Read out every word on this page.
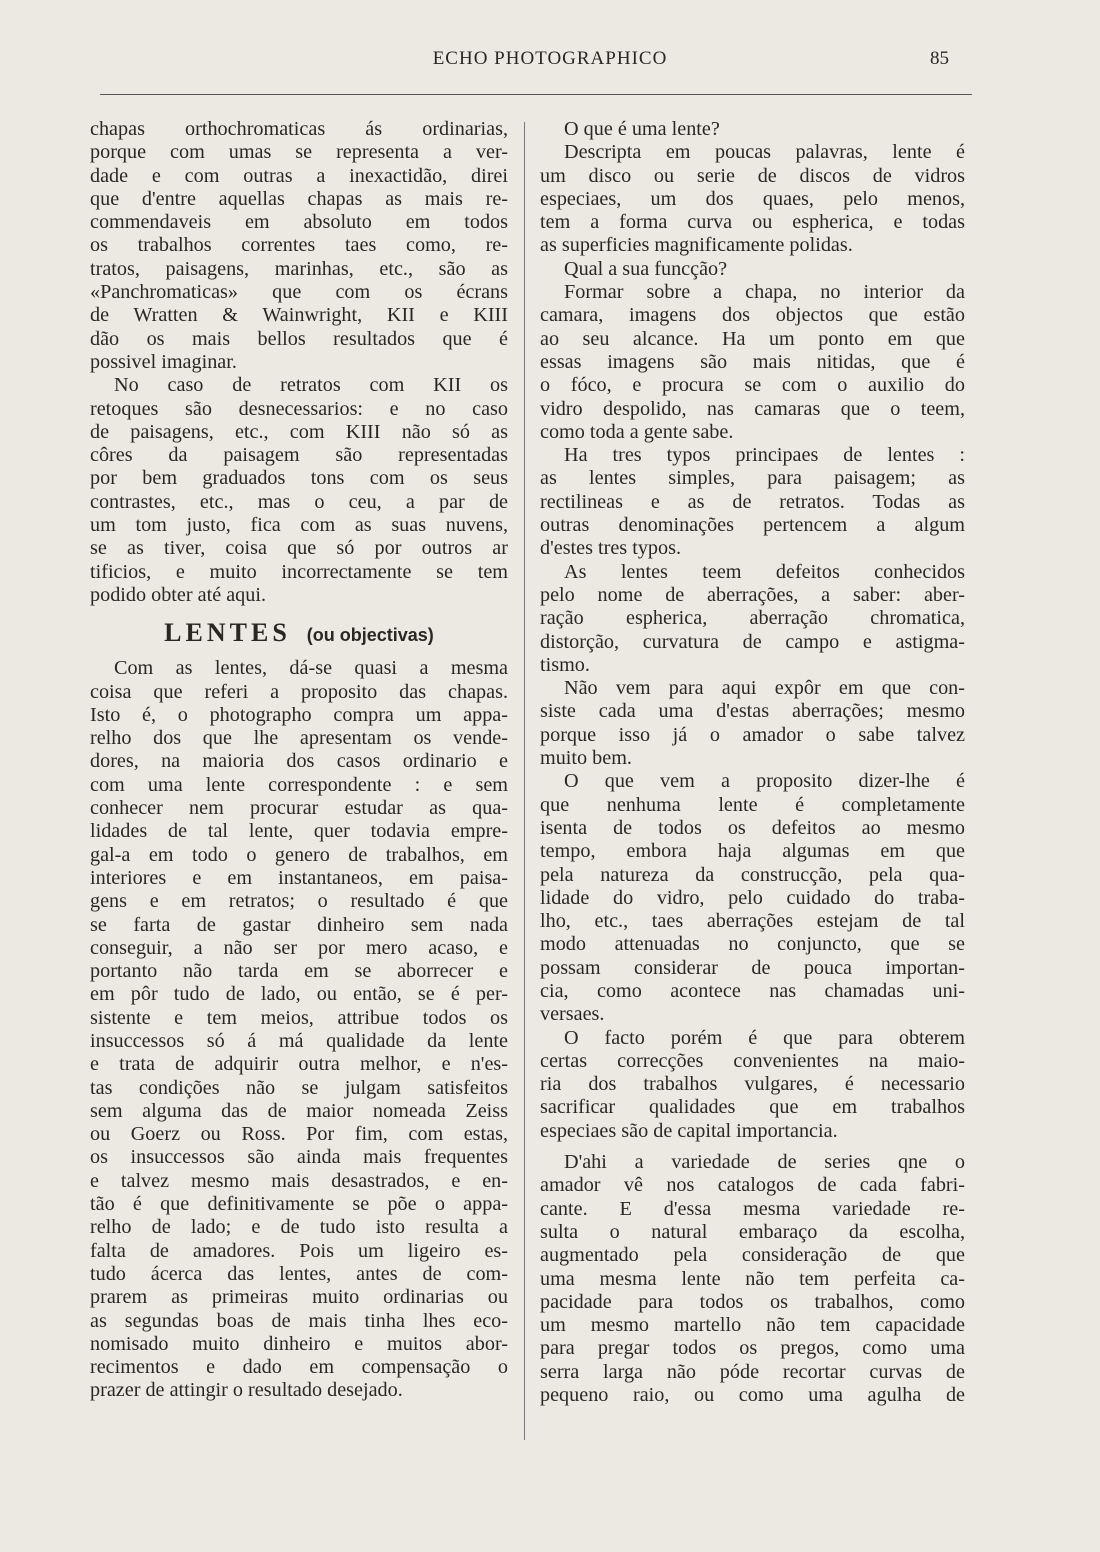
ECHO PHOTOGRAPHICO	85
chapas orthochromaticas ás ordinarias,
porque com umas se representa a ver-
dade e com outras a inexactidão, direi
que d'entre aquellas chapas as mais re-
commendaveis em absoluto em todos
os trabalhos correntes taes como, re-
tratos, paisagens, marinhas, etc., são as
«Panchromaticas» que com os écrans
de Wratten & Wainwright, KII e KIII
dão os mais bellos resultados que é
possivel imaginar.
No caso de retratos com KII os
retoques são desnecessarios: e no caso
de paisagens, etc., com KIII não só as
côres da paisagem são representadas
por bem graduados tons com os seus
contrastes, etc., mas o ceu, a par de
um tom justo, fica com as suas nuvens,
se as tiver, coisa que só por outros ar
tificios, e muito incorrectamente se tem
podido obter até aqui.
LENTES (ou objectivas)
Com as lentes, dá-se quasi a mesma
coisa que referi a proposito das chapas.
Isto é, o photographo compra um appa-
relho dos que lhe apresentam os vende-
dores, na maioria dos casos ordinario e
com uma lente correspondente : e sem
conhecer nem procurar estudar as qua-
lidades de tal lente, quer todavia empre-
gal-a em todo o genero de trabalhos, em
interiores e em instantaneos, em paisa-
gens e em retratos; o resultado é que
se farta de gastar dinheiro sem nada
conseguir, a não ser por mero acaso, e
portanto não tarda em se aborrecer e
em pôr tudo de lado, ou então, se é per-
sistente e tem meios, attribue todos os
insuccessos só á má qualidade da lente
e trata de adquirir outra melhor, e n'es-
tas condições não se julgam satisfeitos
sem alguma das de maior nomeada Zeiss
ou Goerz ou Ross. Por fim, com estas,
os insuccessos são ainda mais frequentes
e talvez mesmo mais desastrados, e en-
tão é que definitivamente se põe o appa-
relho de lado; e de tudo isto resulta a
falta de amadores. Pois um ligeiro es-
tudo ácerca das lentes, antes de com-
prarem as primeiras muito ordinarias ou
as segundas boas de mais tinha lhes eco-
nomisado muito dinheiro e muitos abor-
recimentos e dado em compensação o
prazer de attingir o resultado desejado.
O que é uma lente?
Descripta em poucas palavras, lente é
um disco ou serie de discos de vidros
especiaes, um dos quaes, pelo menos,
tem a forma curva ou espherica, e todas
as superficies magnificamente polidas.
Qual a sua funcção?
Formar sobre a chapa, no interior da
camara, imagens dos objectos que estão
ao seu alcance. Ha um ponto em que
essas imagens são mais nitidas, que é
o fóco, e procura se com o auxilio do
vidro despolido, nas camaras que o teem,
como toda a gente sabe.
Ha tres typos principaes de lentes :
as lentes simples, para paisagem; as
rectilineas e as de retratos. Todas as
outras denominações pertencem a algum
d'estes tres typos.
As lentes teem defeitos conhecidos
pelo nome de aberrações, a saber: aber-
ração espherica, aberração chromatica,
distorção, curvatura de campo e astigma-
tismo.
Não vem para aqui expôr em que con-
siste cada uma d'estas aberrações; mesmo
porque isso já o amador o sabe talvez
muito bem.
O que vem a proposito dizer-lhe é
que nenhuma lente é completamente
isenta de todos os defeitos ao mesmo
tempo, embora haja algumas em que
pela natureza da construcção, pela qua-
lidade do vidro, pelo cuidado do traba-
lho, etc., taes aberrações estejam de tal
modo attenuadas no conjuncto, que se
possam considerar de pouca importan-
cia, como acontece nas chamadas uni-
versaes.
O facto porém é que para obterem
certas correcções convenientes na maio-
ria dos trabalhos vulgares, é necessario
sacrificar qualidades que em trabalhos
especiaes são de capital importancia.
D'ahi a variedade de series qne o
amador vê nos catalogos de cada fabri-
cante. E d'essa mesma variedade re-
sulta o natural embaraço da escolha,
augmentado pela consideração de que
uma mesma lente não tem perfeita ca-
pacidade para todos os trabalhos, como
um mesmo martello não tem capacidade
para pregar todos os pregos, como uma
serra larga não póde recortar curvas de
pequeno raio, ou como uma agulha de
